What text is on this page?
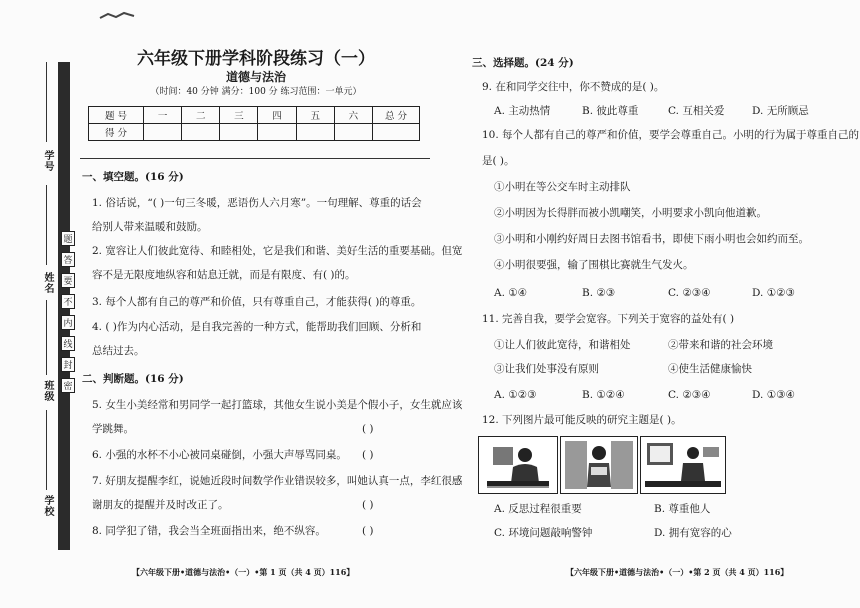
学号
姓名
班级
学校
密
封
线
内
不
要
答
题
六年级下册学科阶段练习（一）
道德与法治
（时间：40 分钟 满分：100 分 练习范围：一单元）
题 号	一	二	三	四	五	六	总 分
得 分							
一、填空题。(16 分)
1. 俗话说，“( )一句三冬暖，恶语伤人六月寒”。一句理解、尊重的话会
给别人带来温暖和鼓励。
2. 宽容让人们彼此宽待、和睦相处，它是我们和谐、美好生活的重要基础。但宽
容不是无限度地纵容和姑息迁就，而是有限度、有( )的。
3. 每个人都有自己的尊严和价值，只有尊重自己，才能获得( )的尊重。
4. ( )作为内心活动，是自我完善的一种方式，能帮助我们回顾、分析和
总结过去。
二、判断题。(16 分)
5. 女生小美经常和男同学一起打篮球，其他女生说小美是个假小子，女生就应该
学跳舞。	( )
6. 小强的水杯不小心被同桌碰倒，小强大声辱骂同桌。 ( )
7. 好朋友提醒李红，说她近段时间数学作业错误较多，叫她认真一点，李红很感
谢朋友的提醒并及时改正了。	( )
8. 同学犯了错，我会当全班面指出来，绝不纵容。	( )
【六年级下册•道德与法治•（一）•第 1 页（共 4 页）116】
三、选择题。(24 分)
9. 在和同学交往中，你不赞成的是( )。
A. 主动热情	B. 彼此尊重	C. 互相关爱	D. 无所顾忌
10. 每个人都有自己的尊严和价值，要学会尊重自己。小明的行为属于尊重自己的
是( )。
①小明在等公交车时主动排队
②小明因为长得胖而被小凯嘲笑，小明要求小凯向他道歉。
③小明和小刚约好周日去图书馆看书，即使下雨小明也会如约而至。
④小明很要强，输了围棋比赛就生气发火。
A. ①④	B. ②③	C. ②③④	D. ①②③
11. 完善自我，要学会宽容。下列关于宽容的益处有( )
①让人们彼此宽待，和谐相处	②带来和谐的社会环境
③让我们处事没有原则	④使生活健康愉快
A. ①②③	B. ①②④	C. ②③④	D. ①③④
12. 下列图片最可能反映的研究主题是( )。
A. 反思过程很重要	B. 尊重他人
C. 环境问题敲响警钟	D. 拥有宽容的心
【六年级下册•道德与法治•（一）•第 2 页（共 4 页）116】
